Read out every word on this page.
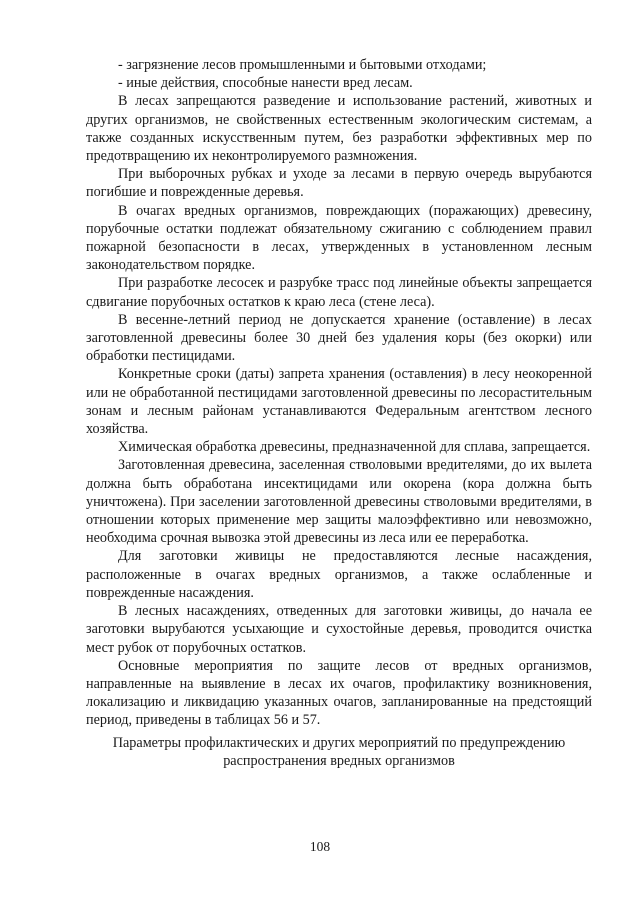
- загрязнение лесов промышленными и бытовыми отходами;

- иные действия, способные нанести вред лесам.

В лесах запрещаются разведение и использование растений, животных и других организмов, не свойственных естественным экологическим системам, а также созданных искусственным путем, без разработки эффективных мер по предотвращению их неконтролируемого размножения.

При выборочных рубках и уходе за лесами в первую очередь вырубаются погибшие и поврежденные деревья.

В очагах вредных организмов, повреждающих (поражающих) древесину, порубочные остатки подлежат обязательному сжиганию с соблюдением правил пожарной безопасности в лесах, утвержденных в установленном лесным законодательством порядке.

При разработке лесосек и разрубке трасс под линейные объекты запрещается сдвигание порубочных остатков к краю леса (стене леса).

В весенне-летний период не допускается хранение (оставление) в лесах заготовленной древесины более 30 дней без удаления коры (без окорки) или обработки пестицидами.

Конкретные сроки (даты) запрета хранения (оставления) в лесу неокоренной или не обработанной пестицидами заготовленной древесины по лесорастительным зонам и лесным районам устанавливаются Федеральным агентством лесного хозяйства.

Химическая обработка древесины, предназначенной для сплава, запрещается.

Заготовленная древесина, заселенная стволовыми вредителями, до их вылета должна быть обработана инсектицидами или окорена (кора должна быть уничтожена). При заселении заготовленной древесины стволовыми вредителями, в отношении которых применение мер защиты малоэффективно или невозможно, необходима срочная вывозка этой древесины из леса или ее переработка.

Для заготовки живицы не предоставляются лесные насаждения, расположенные в очагах вредных организмов, а также ослабленные и поврежденные насаждения.

В лесных насаждениях, отведенных для заготовки живицы, до начала ее заготовки вырубаются усыхающие и сухостойные деревья, проводится очистка мест рубок от порубочных остатков.

Основные мероприятия по защите лесов от вредных организмов, направленные на выявление в лесах их очагов, профилактику возникновения, локализацию и ликвидацию указанных очагов, запланированные на предстоящий период, приведены в таблицах 56 и 57.

Параметры профилактических и других мероприятий по предупреждению распространения вредных организмов

108
